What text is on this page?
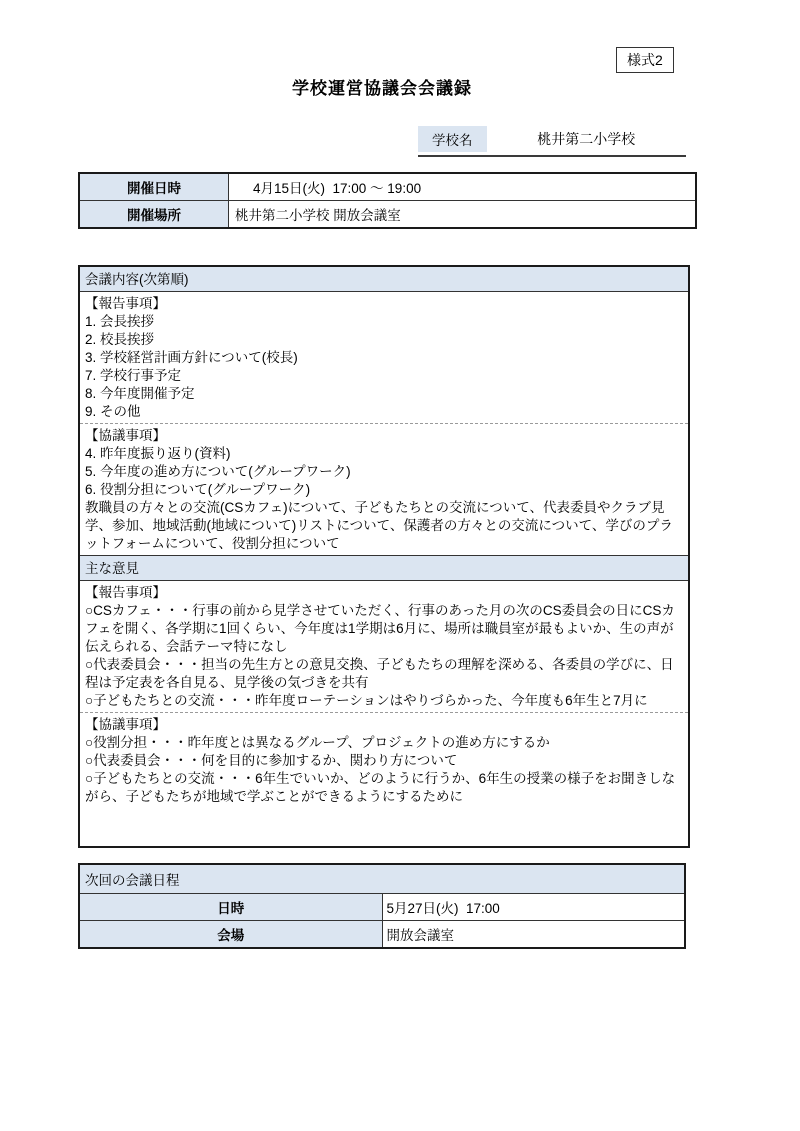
様式2
学校運営協議会会議録
学校名	桃井第二小学校
開催日時	4月15日(火)  17:00 ～ 19:00
開催場所	桃井第二小学校 開放会議室
会議内容(次第順)
【報告事項】
1. 会長挨拶
2. 校長挨拶
3. 学校経営計画方針について(校長)
7. 学校行事予定
8. 今年度開催予定
9. その他
【協議事項】
4. 昨年度振り返り(資料)
5. 今年度の進め方について(グループワーク)
6. 役割分担について(グループワーク)

教職員の方々との交流(CSカフェ)について、子どもたちとの交流について、代表委員やクラブ見学、参加、地域活動(地域について)リストについて、保護者の方々との交流について、学びのプラットフォームについて、役割分担について

主な意見
【報告事項】

○CSカフェ・・・行事の前から見学させていただく、行事のあった月の次のCS委員会の日にCSカフェを開く、各学期に1回くらい、今年度は1学期は6月に、場所は職員室が最もよいか、生の声が伝えられる、会話テーマ特になし

○代表委員会・・・担当の先生方との意見交換、子どもたちの理解を深める、各委員の学びに、日程は予定表を各自見る、見学後の気づきを共有

○子どもたちとの交流・・・昨年度ローテーションはやりづらかった、今年度も6年生と7月に

【協議事項】

○役割分担・・・昨年度とは異なるグループ、プロジェクトの進め方にするか

○代表委員会・・・何を目的に参加するか、関わり方について

○子どもたちとの交流・・・6年生でいいか、どのように行うか、6年生の授業の様子をお聞きしながら、子どもたちが地域で学ぶことができるようにするために

次回の会議日程	
日時	5月27日(火)  17:00
会場	開放会議室
